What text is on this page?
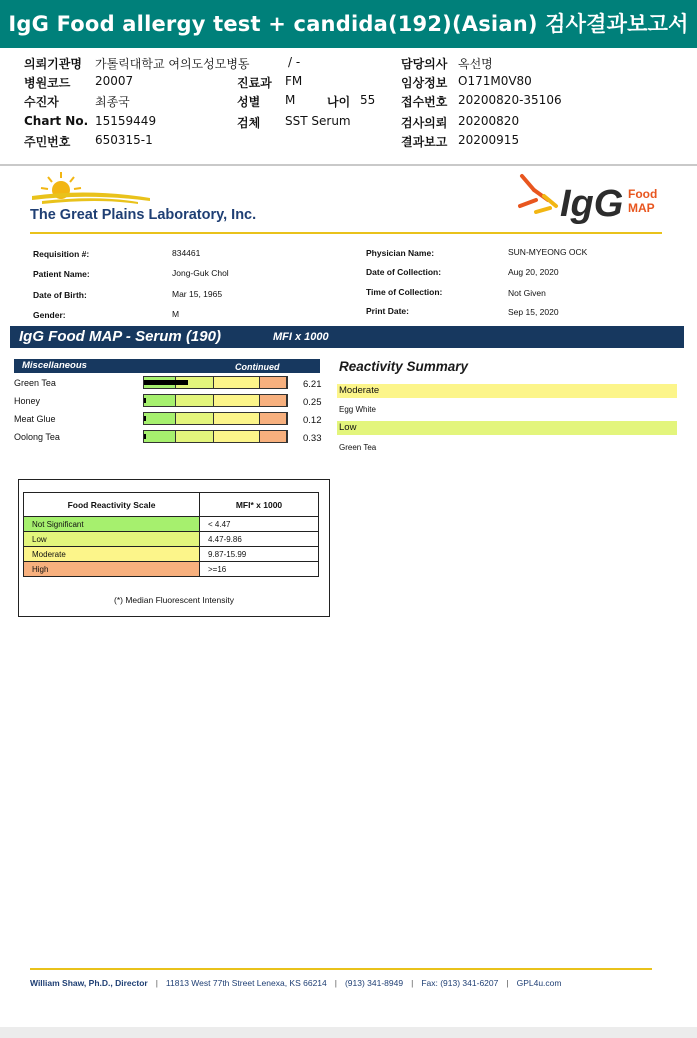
IgG Food allergy test + candida(192)(Asian) 검사결과보고서
의뢰기관명 가톨릭대학교 여의도성모병동	/ -	담당의사 옥선명
병원코드 20007	진료과 FM	임상정보 O171M0V80
수진자	최종국	성별 M	나이 55 접수번호 20200820-35106
Chart No. 15159449	검체 SST Serum	검사의뢰 20200820
주민번호 650315-1	결과보고 20200915
The Great Plains Laboratory, Inc.	IgG Food
MAP
Requisition #:	834461
Patient Name:	Jong-Guk Chol
Date of Birth:	Mar 15, 1965
Gender:	M
Physician Name:	SUN-MYEONG OCK
Date of Collection:	Aug 20, 2020
Time of Collection:	Not Given
Print Date:	Sep 15, 2020
IgG Food MAP - Serum (190)	MFI x 1000
Miscellaneous	Continued
Green Tea	6.21
Honey	0.25
Meat Glue	0.12
Oolong Tea	0.33
Reactivity Summary
Moderate
Egg White
Low
Green Tea
Food Reactivity Scale	MFI* x 1000
Not Significant	< 4.47
Low	4.47-9.86
Moderate	9.87-15.99
High	>=16
(*) Median Fluorescent Intensity
William Shaw, Ph.D., Director | 11813 West 77th Street Lenexa, KS 66214 | (913) 341-8949 | Fax: (913) 341-6207 | GPL4u.com
